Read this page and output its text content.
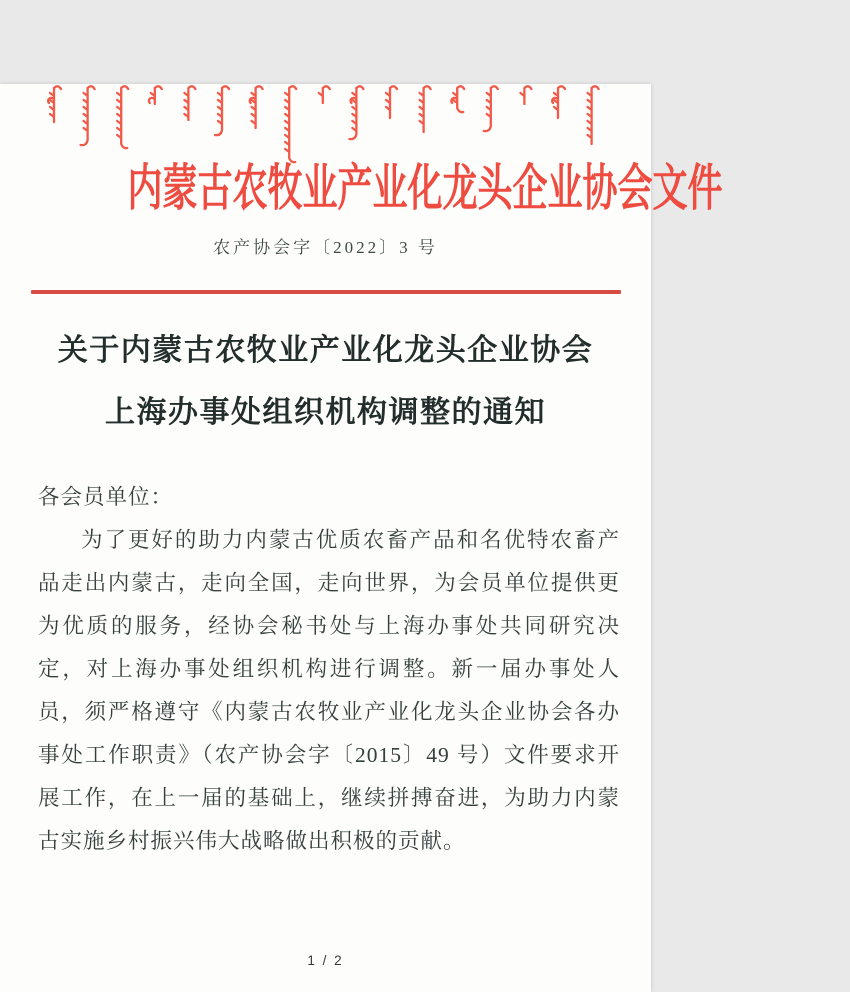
内蒙古农牧业产业化龙头企业协会文件
农产协会字〔2022〕3 号
关于内蒙古农牧业产业化龙头企业协会
上海办事处组织机构调整的通知

各会员单位：

为了更好的助力内蒙古优质农畜产品和名优特农畜产品走出内蒙古，走向全国，走向世界，为会员单位提供更为优质的服务，经协会秘书处与上海办事处共同研究决定，对上海办事处组织机构进行调整。新一届办事处人员，须严格遵守《内蒙古农牧业产业化龙头企业协会各办事处工作职责》（农产协会字〔2015〕49 号）文件要求开展工作，在上一届的基础上，继续拼搏奋进，为助力内蒙古实施乡村振兴伟大战略做出积极的贡献。

1 / 2
